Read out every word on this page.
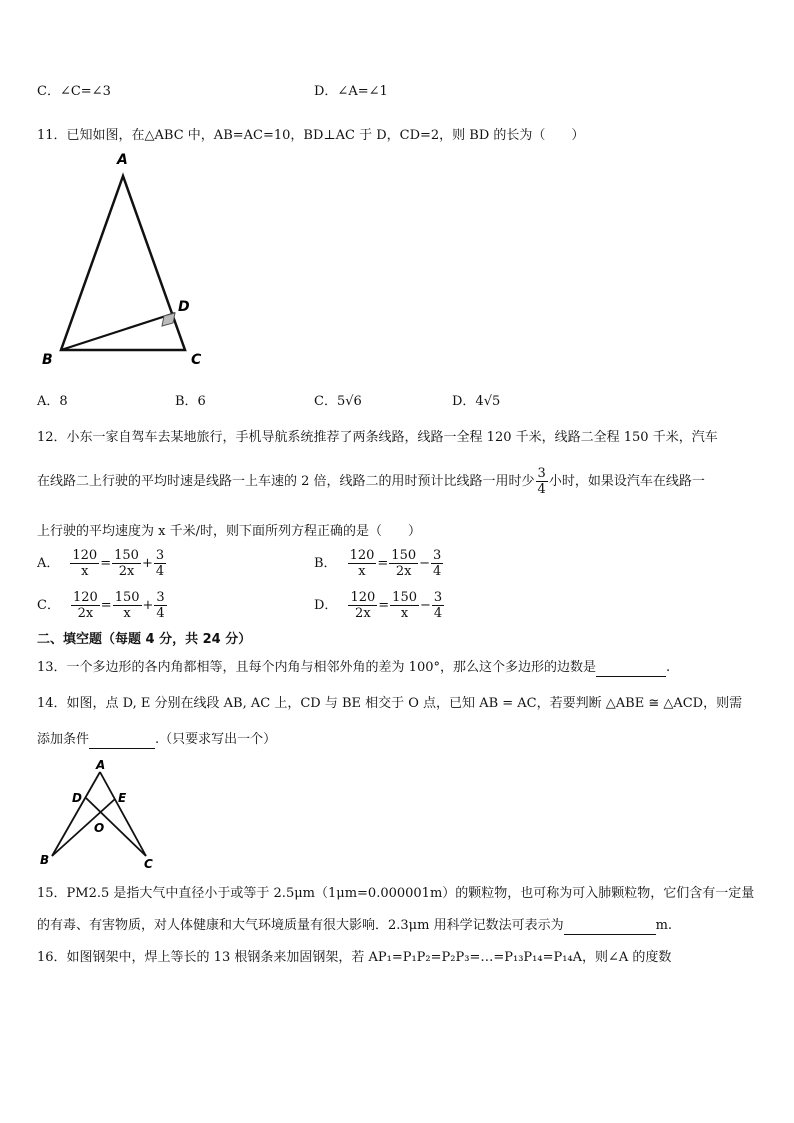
C．∠C=∠3	D．∠A=∠1
11．已知如图，在△ABC 中，AB=AC=10，BD⊥AC 于 D，CD=2，则 BD 的长为（　　）
A
B	C
D
A．8	B．6	C．5√6	D．4√5
12．小东一家自驾车去某地旅行，手机导航系统推荐了两条线路，线路一全程 120 千米，线路二全程 150 千米，汽车
在线路二上行驶的平均时速是线路一上车速的 2 倍，线路二的用时预计比线路一用时少 $\frac{3}{4}$ 小时，如果设汽车在线路一
上行驶的平均速度为 x 千米/时，则下面所列方程正确的是（　　）
A． $\frac{120}{x} = \frac{150}{2x} + \frac{3}{4}$	B． $\frac{120}{x} = \frac{150}{2x} - \frac{3}{4}$
C． $\frac{120}{2x} = \frac{150}{x} + \frac{3}{4}$	D． $\frac{120}{2x} = \frac{150}{x} - \frac{3}{4}$
二、填空题（每题 4 分，共 24 分）
13．一个多边形的各内角都相等，且每个内角与相邻外角的差为 100°，那么这个多边形的边数是	.
14．如图，点 D, E 分别在线段 AB, AC 上，CD 与 BE 相交于 O 点，已知 AB = AC，若要判断 △ABE ≅ △ACD，则需
添加条件	.（只要求写出一个）
A
D	E
O
B	C
15．PM2.5 是指大气中直径小于或等于 2.5μm（1μm=0.000001m）的颗粒物，也可称为可入肺颗粒物，它们含有一定量
的有毒、有害物质，对人体健康和大气环境质量有很大影响．2.3μm 用科学记数法可表示为	m.
16．如图钢架中，焊上等长的 13 根钢条来加固钢架，若 AP₁=P₁P₂=P₂P₃=…=P₁₃P₁₄=P₁₄A，则∠A 的度数
